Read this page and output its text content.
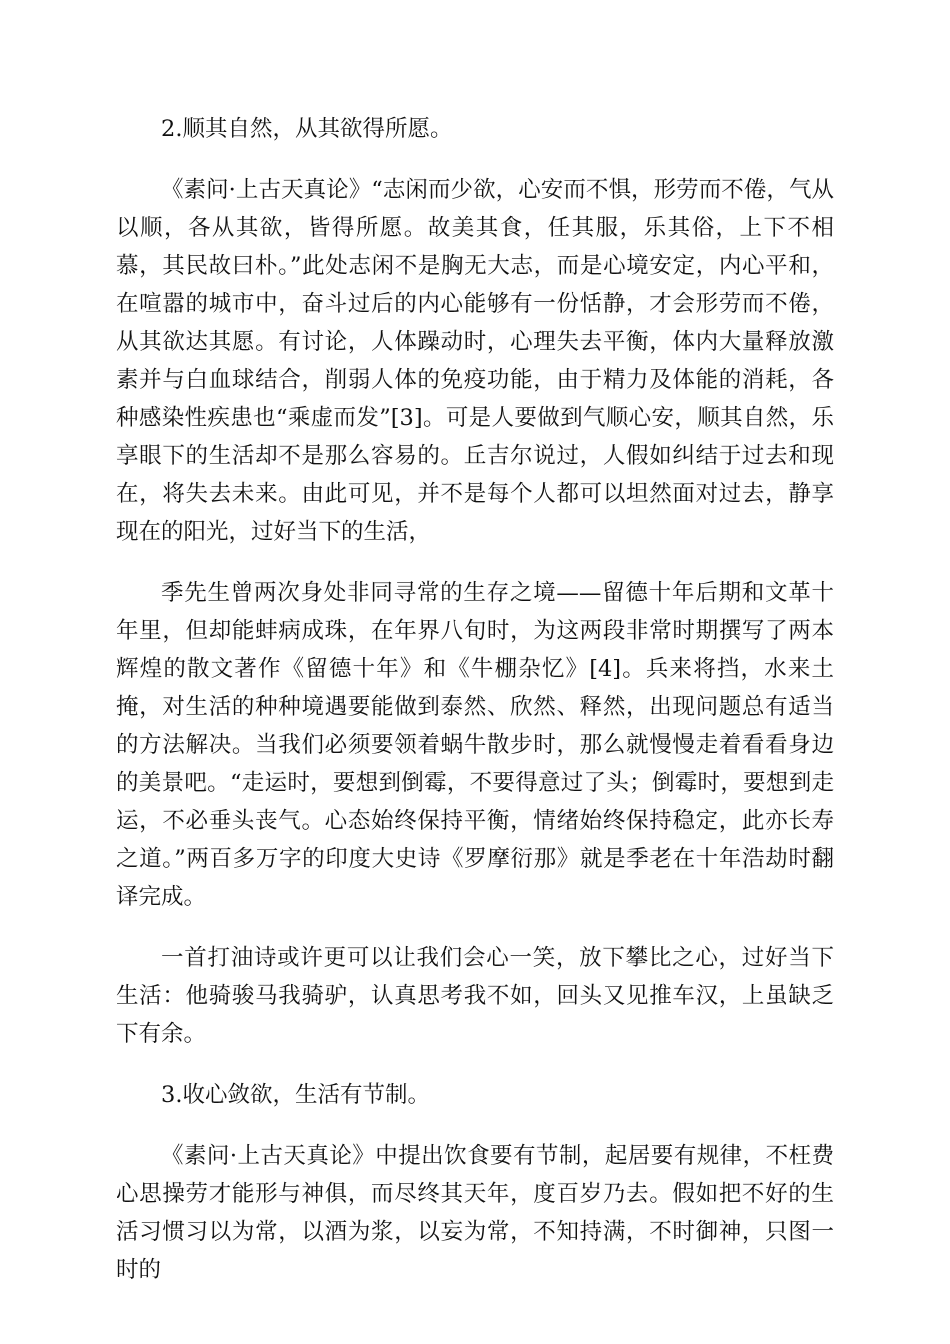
2.顺其自然，从其欲得所愿。

《素问·上古天真论》“志闲而少欲，心安而不惧，形劳而不倦，气从以顺，各从其欲，皆得所愿。故美其食，任其服，乐其俗，上下不相慕，其民故曰朴。”此处志闲不是胸无大志，而是心境安定，内心平和，在喧嚣的城市中，奋斗过后的内心能够有一份恬静，才会形劳而不倦，从其欲达其愿。有讨论，人体躁动时，心理失去平衡，体内大量释放激素并与白血球结合，削弱人体的免疫功能，由于精力及体能的消耗，各种感染性疾患也“乘虚而发”[3]。可是人要做到气顺心安，顺其自然，乐享眼下的生活却不是那么容易的。丘吉尔说过，人假如纠结于过去和现在，将失去未来。由此可见，并不是每个人都可以坦然面对过去，静享现在的阳光，过好当下的生活，

季先生曾两次身处非同寻常的生存之境——留德十年后期和文革十年里，但却能蚌病成珠，在年界八旬时，为这两段非常时期撰写了两本辉煌的散文著作《留德十年》和《牛棚杂忆》[4]。兵来将挡，水来土掩，对生活的种种境遇要能做到泰然、欣然、释然，出现问题总有适当的方法解决。当我们必须要领着蜗牛散步时，那么就慢慢走着看看身边的美景吧。“走运时，要想到倒霉，不要得意过了头；倒霉时，要想到走运，不必垂头丧气。心态始终保持平衡，情绪始终保持稳定，此亦长寿之道。”两百多万字的印度大史诗《罗摩衍那》就是季老在十年浩劫时翻译完成。

一首打油诗或许更可以让我们会心一笑，放下攀比之心，过好当下生活：他骑骏马我骑驴，认真思考我不如，回头又见推车汉，上虽缺乏下有余。

3.收心敛欲，生活有节制。

《素问·上古天真论》中提出饮食要有节制，起居要有规律，不枉费心思操劳才能形与神俱，而尽终其天年，度百岁乃去。假如把不好的生活习惯习以为常，以酒为浆，以妄为常，不知持满，不时御神，只图一时的
